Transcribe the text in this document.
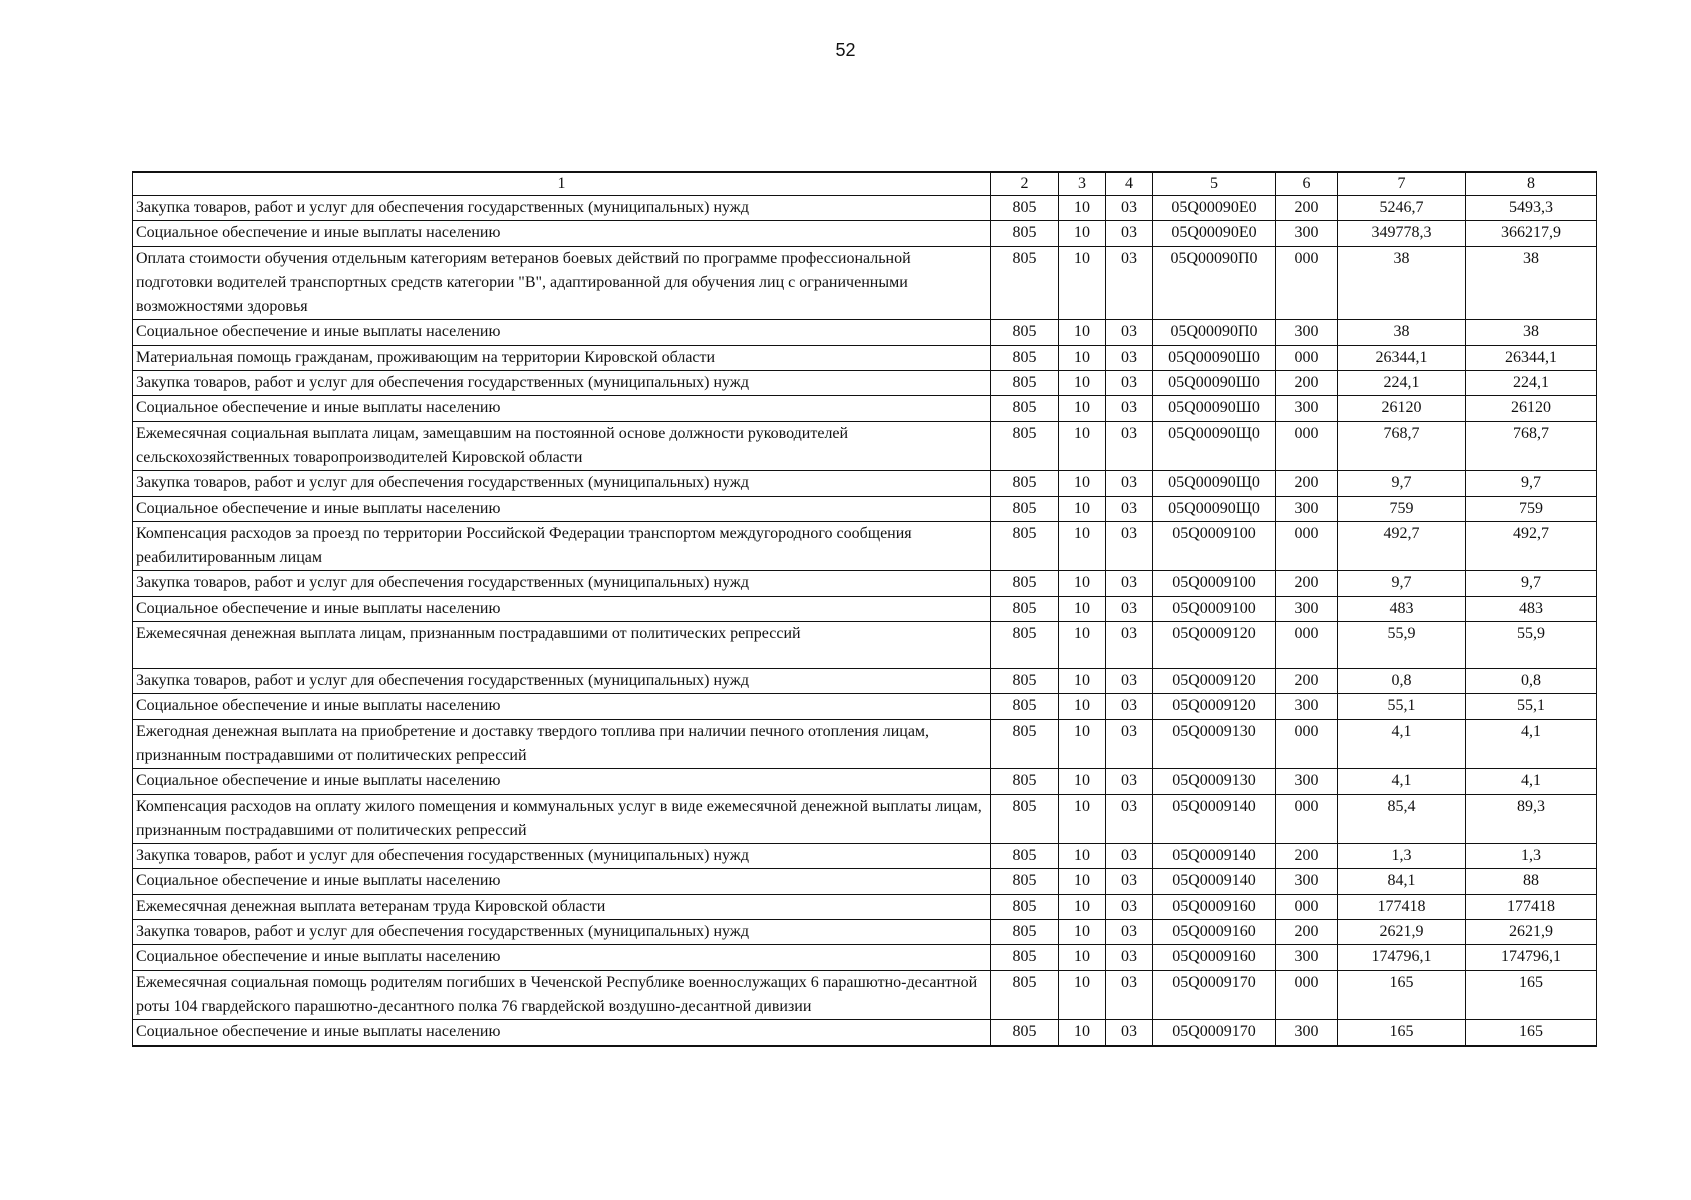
52
1	2	3	4	5	6	7	8
Закупка товаров, работ и услуг для обеспечения государственных (муниципальных) нужд	805	10	03	05Q00090Е0	200	5246,7	5493,3
Социальное обеспечение и иные выплаты населению	805	10	03	05Q00090Е0	300	349778,3	366217,9
Оплата стоимости обучения отдельным категориям ветеранов боевых действий по программе профессиональной подготовки водителей транспортных средств категории "В", адаптированной для обучения лиц с ограниченными возможностями здоровья	805	10	03	05Q00090П0	000	38	38
Социальное обеспечение и иные выплаты населению	805	10	03	05Q00090П0	300	38	38
Материальная помощь гражданам, проживающим на территории Кировской области	805	10	03	05Q00090Ш0	000	26344,1	26344,1
Закупка товаров, работ и услуг для обеспечения государственных (муниципальных) нужд	805	10	03	05Q00090Ш0	200	224,1	224,1
Социальное обеспечение и иные выплаты населению	805	10	03	05Q00090Ш0	300	26120	26120
Ежемесячная социальная выплата лицам, замещавшим на постоянной основе должности руководителей сельскохозяйственных товаропроизводителей Кировской области	805	10	03	05Q00090Щ0	000	768,7	768,7
Закупка товаров, работ и услуг для обеспечения государственных (муниципальных) нужд	805	10	03	05Q00090Щ0	200	9,7	9,7
Социальное обеспечение и иные выплаты населению	805	10	03	05Q00090Щ0	300	759	759
Компенсация расходов за проезд по территории Российской Федерации транспортом междугородного сообщения реабилитированным лицам	805	10	03	05Q0009100	000	492,7	492,7
Закупка товаров, работ и услуг для обеспечения государственных (муниципальных) нужд	805	10	03	05Q0009100	200	9,7	9,7
Социальное обеспечение и иные выплаты населению	805	10	03	05Q0009100	300	483	483
Ежемесячная денежная выплата лицам, признанным пострадавшими от политических репрессий	805	10	03	05Q0009120	000	55,9	55,9
Закупка товаров, работ и услуг для обеспечения государственных (муниципальных) нужд	805	10	03	05Q0009120	200	0,8	0,8
Социальное обеспечение и иные выплаты населению	805	10	03	05Q0009120	300	55,1	55,1
Ежегодная денежная выплата на приобретение и доставку твердого топлива при наличии печного отопления лицам, признанным пострадавшими от политических репрессий	805	10	03	05Q0009130	000	4,1	4,1
Социальное обеспечение и иные выплаты населению	805	10	03	05Q0009130	300	4,1	4,1
Компенсация расходов на оплату жилого помещения и коммунальных услуг в виде ежемесячной денежной выплаты лицам, признанным пострадавшими от политических репрессий	805	10	03	05Q0009140	000	85,4	89,3
Закупка товаров, работ и услуг для обеспечения государственных (муниципальных) нужд	805	10	03	05Q0009140	200	1,3	1,3
Социальное обеспечение и иные выплаты населению	805	10	03	05Q0009140	300	84,1	88
Ежемесячная денежная выплата ветеранам труда Кировской области	805	10	03	05Q0009160	000	177418	177418
Закупка товаров, работ и услуг для обеспечения государственных (муниципальных) нужд	805	10	03	05Q0009160	200	2621,9	2621,9
Социальное обеспечение и иные выплаты населению	805	10	03	05Q0009160	300	174796,1	174796,1
Ежемесячная социальная помощь родителям погибших в Чеченской Республике военнослужащих 6 парашютно-десантной роты 104 гвардейского парашютно-десантного полка 76 гвардейской воздушно-десантной дивизии	805	10	03	05Q0009170	000	165	165
Социальное обеспечение и иные выплаты населению	805	10	03	05Q0009170	300	165	165
